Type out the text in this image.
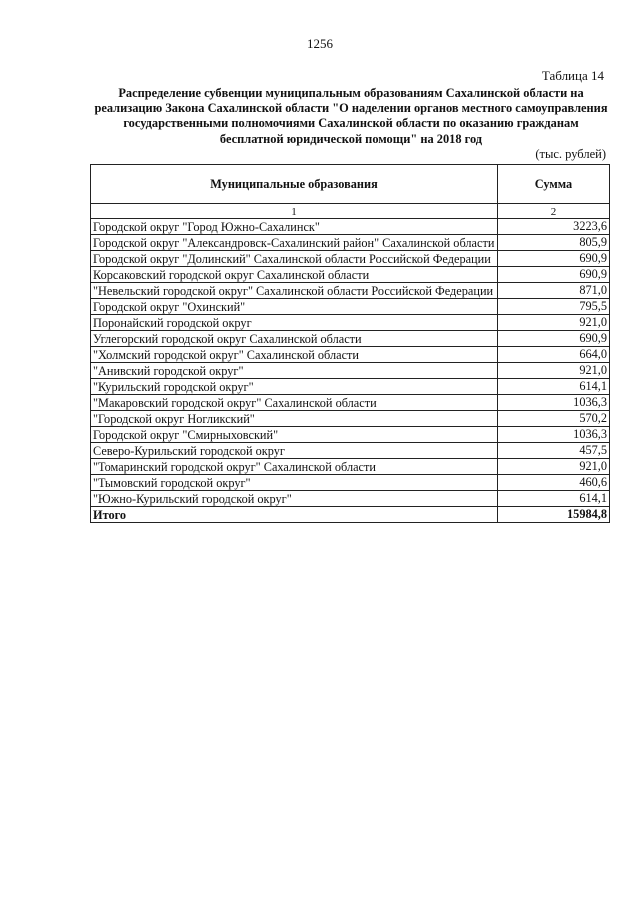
1256
Таблица 14
Распределение субвенции муниципальным образованиям Сахалинской области на реализацию Закона Сахалинской области "О наделении органов местного самоуправления государственными полномочиями Сахалинской области по оказанию гражданам бесплатной юридической помощи" на 2018 год
(тыс. рублей)
Муниципальные образования	Сумма
1	2
Городской округ "Город Южно-Сахалинск"	3223,6
Городской округ "Александровск-Сахалинский район" Сахалинской области	805,9
Городской округ "Долинский" Сахалинской области Российской Федерации	690,9
Корсаковский городской округ Сахалинской области	690,9
"Невельский городской округ" Сахалинской области Российской Федерации	871,0
Городской округ "Охинский"	795,5
Поронайский городской округ	921,0
Углегорский городской округ Сахалинской области	690,9
"Холмский городской округ" Сахалинской области	664,0
"Анивский городской округ"	921,0
"Курильский городской округ"	614,1
"Макаровский городской округ" Сахалинской области	1036,3
"Городской округ Ногликский"	570,2
Городской округ "Смирныховский"	1036,3
Северо-Курильский городской округ	457,5
"Томаринский городской округ" Сахалинской области	921,0
"Тымовский городской округ"	460,6
"Южно-Курильский городской округ"	614,1
Итого	15984,8
